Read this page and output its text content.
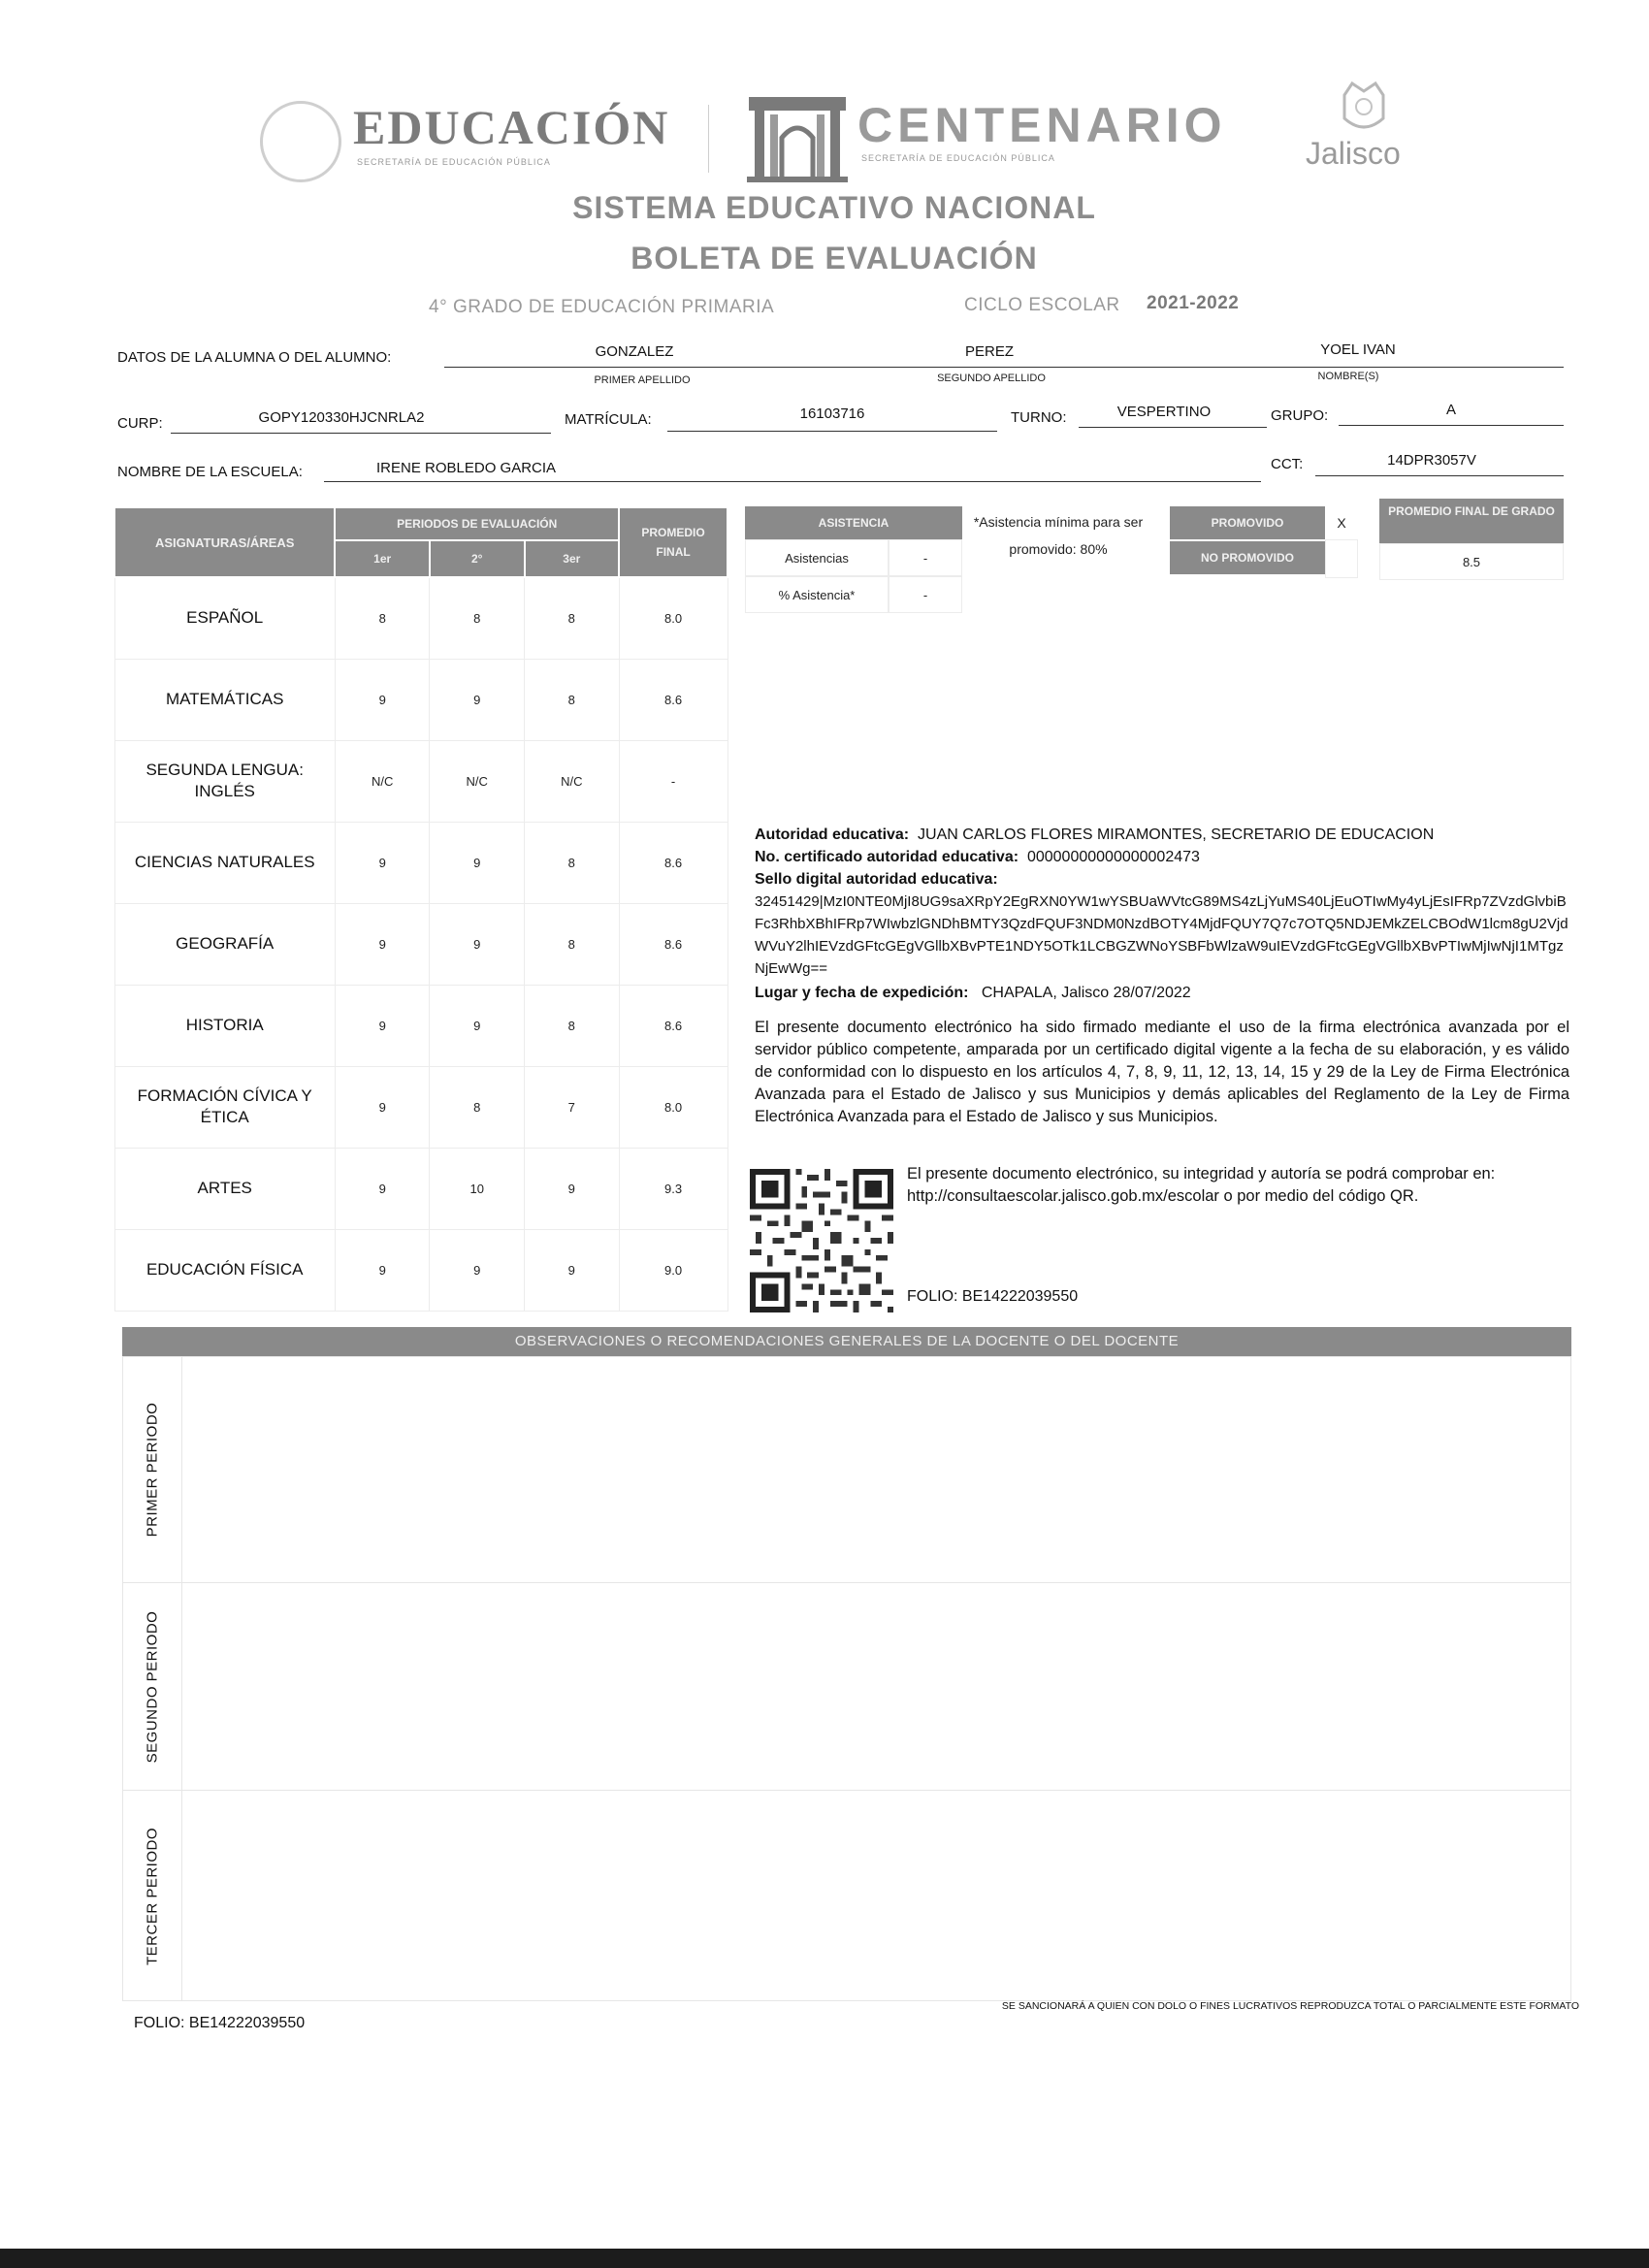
EDUCACIÓN
SECRETARÍA DE EDUCACIÓN PÚBLICA
CENTENARIO
SECRETARÍA DE EDUCACIÓN PÚBLICA	Jalisco
SISTEMA EDUCATIVO NACIONAL
BOLETA DE EVALUACIÓN
4° GRADO DE EDUCACIÓN PRIMARIA	CICLO ESCOLAR 2021-2022
DATOS DE LA ALUMNA O DEL ALUMNO:	GONZALEZ	PEREZ	YOEL IVAN
PRIMER APELLIDO	SEGUNDO APELLIDO	NOMBRE(S)
CURP:	GOPY120330HJCNRLA2	MATRÍCULA:	16103716	TURNO:	VESPERTINO	GRUPO:	A
NOMBRE DE LA ESCUELA:	IRENE ROBLEDO GARCIA	CCT:	14DPR3057V
ASIGNATURAS/ÁREAS	PERIODOS DE EVALUACIÓN			PROMEDIO FINAL
	1er	2°	3er	
ESPAÑOL	8	8	8	8.0
MATEMÁTICAS	9	9	8	8.6
SEGUNDA LENGUA: INGLÉS	N/C	N/C	N/C	-
CIENCIAS NATURALES	9	9	8	8.6
GEOGRAFÍA	9	9	8	8.6
HISTORIA	9	9	8	8.6
FORMACIÓN CÍVICA Y ÉTICA	9	8	7	8.0
ARTES	9	10	9	9.3
EDUCACIÓN FÍSICA	9	9	9	9.0
ASISTENCIA
Asistencias	-
% Asistencia*	-
*Asistencia mínima para ser promovido: 80%
PROMOVIDO	X
NO PROMOVIDO
PROMEDIO FINAL DE GRADO
8.5
Autoridad educativa: JUAN CARLOS FLORES MIRAMONTES, SECRETARIO DE EDUCACION
No. certificado autoridad educativa: 00000000000000002473
Sello digital autoridad educativa:
32451429|MzI0NTE0MjI8UG9saXRpY2EgRXN0YW1wYSBUaWVtcG89MS4zLjYuMS40LjEuOTIwMy4yLjEsIFRp7ZVzdGlvbiBFc3RhbXBhIFRp7WIwbzlGNDhBMTY3QzdFQUF3NDM0NzdBOTY4MjdFQUY7Q7c7OTQ5NDJEMkZELCBOdW1lcm8gU2VjdWVuY2lhIEVzdGFtcGEgVGllbXBvPTE1NDY5OTk1LCBGZWNoYSBFbWlzaW9uIEVzdGFtcGEgVGllbXBvPTIwMjIwNjI1MTgzNjEwWg==
Lugar y fecha de expedición: CHAPALA, Jalisco 28/07/2022
El presente documento electrónico ha sido firmado mediante el uso de la firma electrónica avanzada por el servidor público competente, amparada por un certificado digital vigente a la fecha de su elaboración, y es válido de conformidad con lo dispuesto en los artículos 4, 7, 8, 9, 11, 12, 13, 14, 15 y 29 de la Ley de Firma Electrónica Avanzada para el Estado de Jalisco y sus Municipios y demás aplicables del Reglamento de la Ley de Firma Electrónica Avanzada para el Estado de Jalisco y sus Municipios.
El presente documento electrónico, su integridad y autoría se podrá comprobar en: http://consultaescolar.jalisco.gob.mx/escolar o por medio del código QR.
FOLIO: BE14222039550
OBSERVACIONES O RECOMENDACIONES GENERALES DE LA DOCENTE O DEL DOCENTE
PRIMER PERIODO
SEGUNDO PERIODO
TERCER PERIODO
FOLIO: BE14222039550
SE SANCIONARÁ A QUIEN CON DOLO O FINES LUCRATIVOS REPRODUZCA TOTAL O PARCIALMENTE ESTE FORMATO
